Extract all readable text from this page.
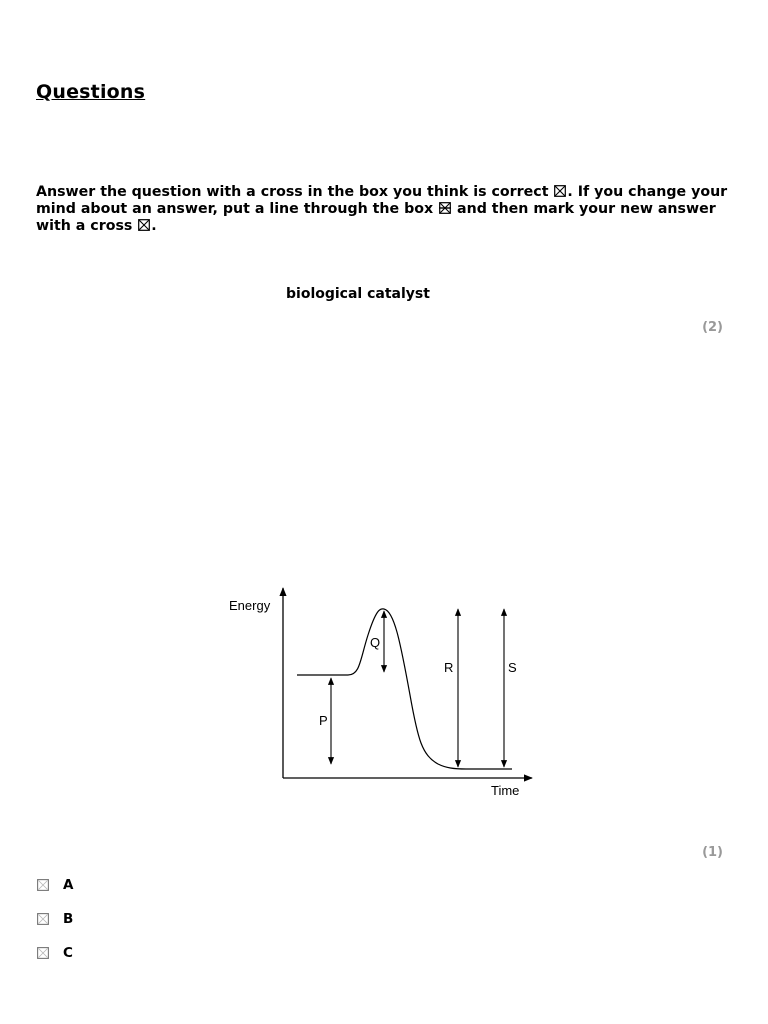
Questions
Answer the question with a cross in the box you think is correct ☒. If you change your mind about an answer, put a line through the box  and then mark your new answer with a cross ☒.
biological catalyst
(2)
Energy
Time
P
Q
R	S
(1)
A
B
C
